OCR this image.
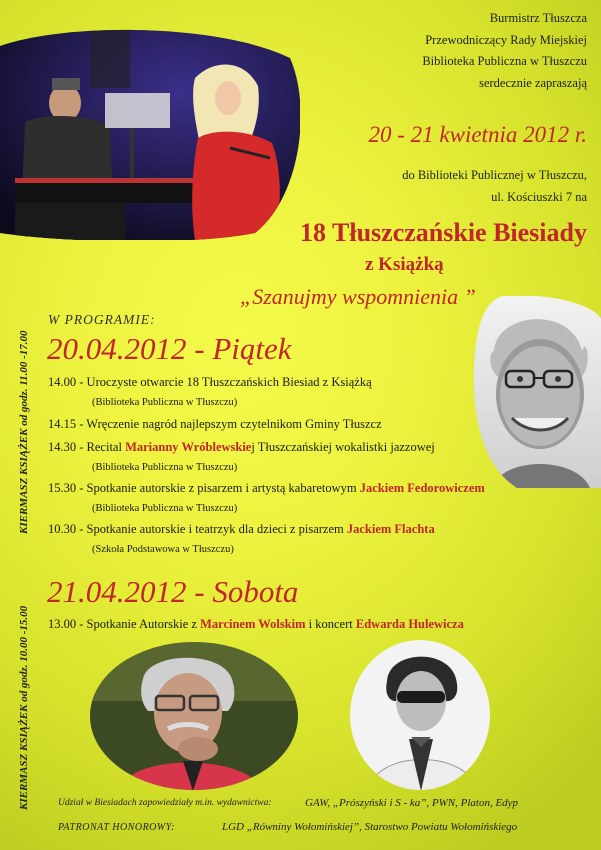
Burmistrz Tłuszcza
Przewodniczący Rady Miejskiej
Biblioteka Publiczna w Tłuszczu
serdecznie zapraszają
20 - 21 kwietnia 2012 r.
do Biblioteki Publicznej w Tłuszczu,
ul. Kościuszki 7 na
18 Tłuszczańskie Biesiady
z Książką
„Szanujmy wspomnienia ”
W PROGRAMIE:
20.04.2012 - Piątek
14.00 - Uroczyste otwarcie 18 Tłuszczańskich Biesiad z Książką
(Biblioteka Publiczna w Tłuszczu)
14.15 - Wręczenie nagród najlepszym czytelnikom Gminy Tłuszcz
14.30 - Recital Marianny Wróblewskiej Tłuszczańskiej wokalistki jazzowej
(Biblioteka Publiczna w Tłuszczu)
15.30 - Spotkanie autorskie z pisarzem i artystą kabaretowym Jackiem Fedorowiczem
(Biblioteka Publiczna w Tłuszczu)
10.30 - Spotkanie autorskie i teatrzyk dla dzieci z pisarzem Jackiem Flachta
(Szkoła Podstawowa w Tłuszczu)
21.04.2012 - Sobota
13.00 - Spotkanie Autorskie z Marcinem Wolskim i koncert Edwarda Hulewicza
KIERMASZ KSIĄŻEK od godz. 11.00 -17.00
KIERMASZ KSIĄŻEK od godz. 10.00 -15.00	Udział w Biesiadach zapowiedziały m.in. wydawnictwa:	GAW, „Prószyński i S - ka”, PWN, Platon, Edyp
PATRONAT HONOROWY:	LGD „Równiny Wołomińskiej”, Starostwo Powiatu Wołomińskiego
